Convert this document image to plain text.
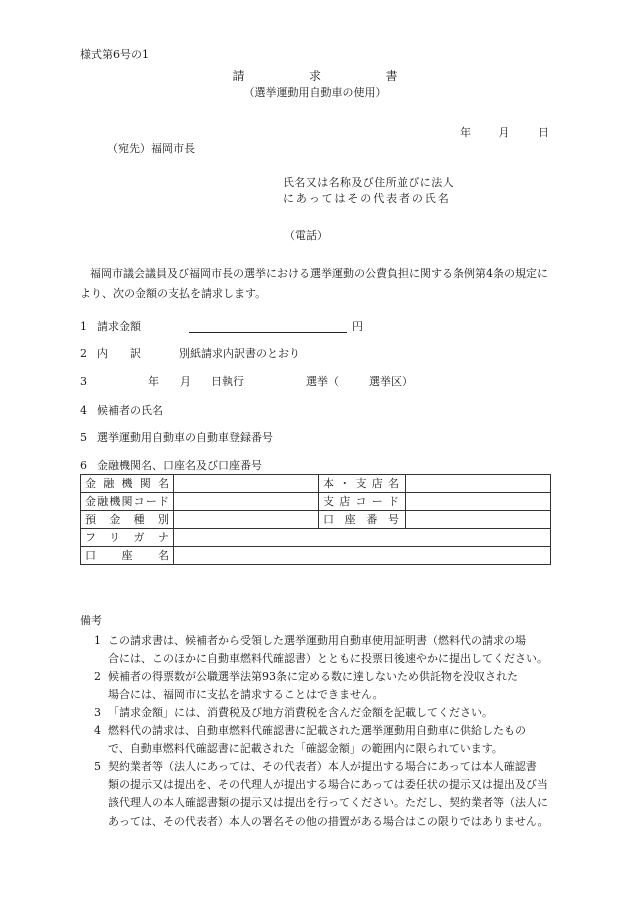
様式第6号の1
請求書
（選挙運動用自動車の使用）
年	月	日
（宛先）福岡市長
氏名又は名称及び住所並びに法人
にあってはその代表者の氏名
（電話）
福岡市議会議員及び福岡市長の選挙における選挙運動の公費負担に関する条例第4条の規定により、次の金額の支払を請求します。
1 請求金額	円
2 内　　訳	別紙請求内訳書のとおり
3	年 月 日執行	選挙（	選挙区）
4 候補者の氏名
5 選挙運動用自動車の自動車登録番号
6 金融機関名、口座名及び口座番号
金融機関名		本・支店名	

金融機関コード		支店コード	

預金種別		口座番号	

フリガナ			

口座名			

備考
1 この請求書は、候補者から受領した選挙運動用自動車使用証明書（燃料代の請求の場
合には、このほかに自動車燃料代確認書）とともに投票日後速やかに提出してください。
2 候補者の得票数が公職選挙法第93条に定める数に達しないため供託物を没収された
場合には、福岡市に支払を請求することはできません。
3 「請求金額」には、消費税及び地方消費税を含んだ金額を記載してください。
4 燃料代の請求は、自動車燃料代確認書に記載された選挙運動用自動車に供給したもの
で、自動車燃料代確認書に記載された「確認金額」の範囲内に限られています。
5 契約業者等（法人にあっては、その代表者）本人が提出する場合にあっては本人確認書
類の提示又は提出を、その代理人が提出する場合にあっては委任状の提示又は提出及び当該代理人の本人確認書類の提示又は提出を行ってください。ただし、契約業者等（法人にあっては、その代表者）本人の署名その他の措置がある場合はこの限りではありません。
